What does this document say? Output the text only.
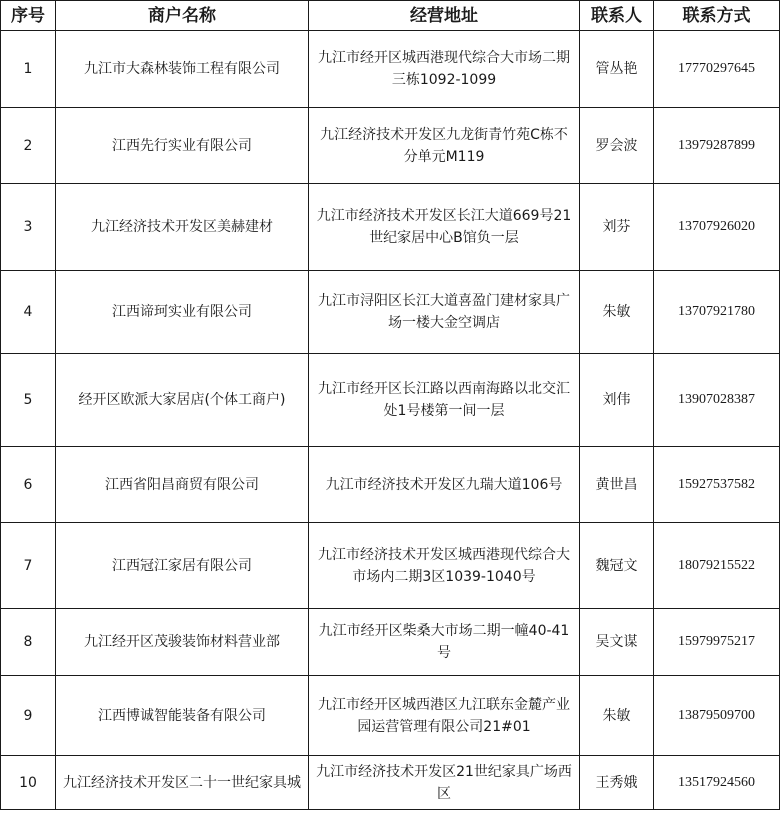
序号	商户名称	经营地址	联系人	联系方式
1	九江市大森林装饰工程有限公司	九江市经开区城西港现代综合大市场二期三栋1092-1099	管丛艳	17770297645
2	江西先行实业有限公司	九江经济技术开发区九龙街青竹苑C栋不分单元M119	罗会波	13979287899
3	九江经济技术开发区美赫建材	九江市经济技术开发区长江大道669号21世纪家居中心B馆负一层	刘芬	13707926020
4	江西谛珂实业有限公司	九江市浔阳区长江大道喜盈门建材家具广场一楼大金空调店	朱敏	13707921780
5	经开区欧派大家居店(个体工商户)	九江市经开区长江路以西南海路以北交汇处1号楼第一间一层	刘伟	13907028387
6	江西省阳昌商贸有限公司	九江市经济技术开发区九瑞大道106号	黄世昌	15927537582
7	江西冠江家居有限公司	九江市经济技术开发区城西港现代综合大市场内二期3区1039-1040号	魏冠文	18079215522
8	九江经开区茂骏装饰材料营业部	九江市经开区柴桑大市场二期一幢40-41号	吴文谋	15979975217
9	江西博诚智能装备有限公司	九江市经开区城西港区九江联东金麓产业园运营管理有限公司21#01	朱敏	13879509700
10	九江经济技术开发区二十一世纪家具城	九江市经济技术开发区21世纪家具广场西区	王秀娥	13517924560
